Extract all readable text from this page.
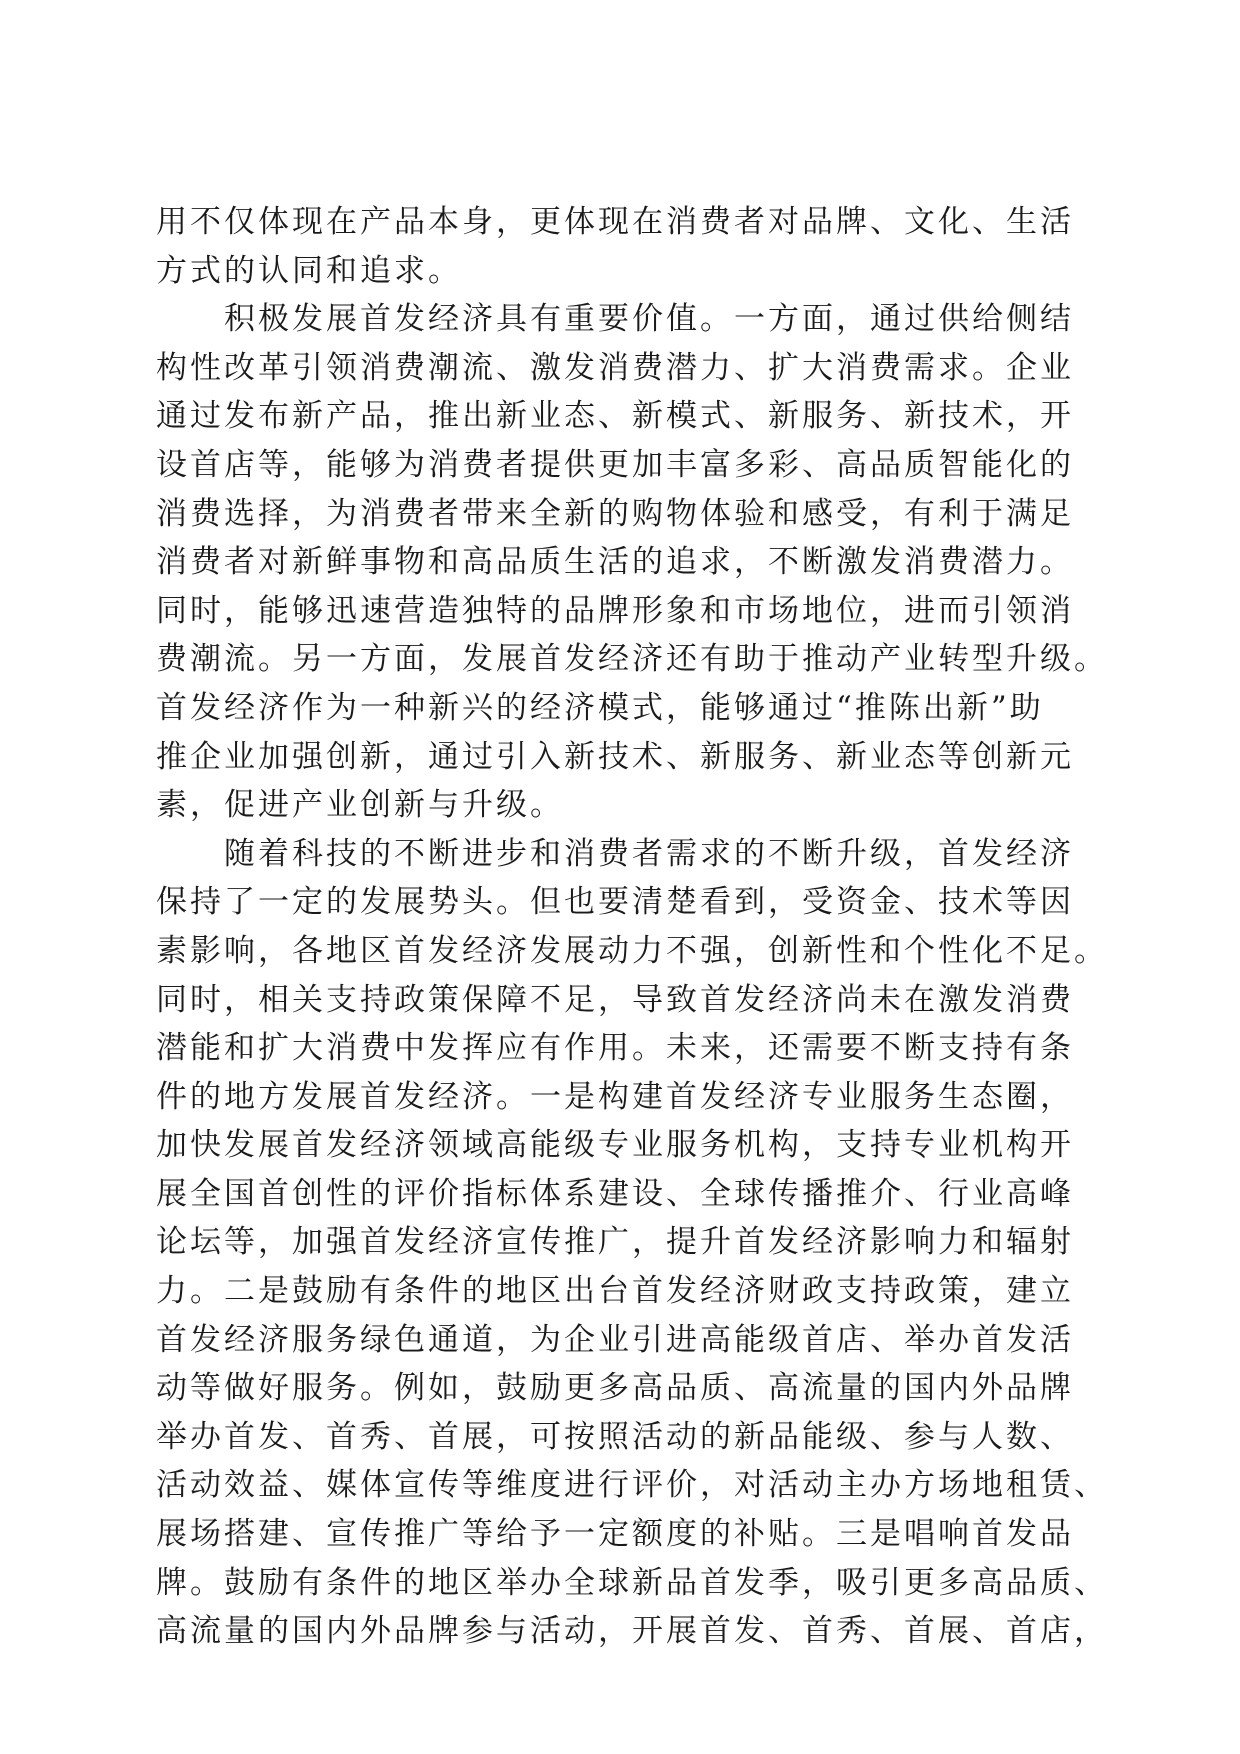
用不仅体现在产品本身，更体现在消费者对品牌、文化、生活
方式的认同和追求。
积极发展首发经济具有重要价值。一方面，通过供给侧结
构性改革引领消费潮流、激发消费潜力、扩大消费需求。企业
通过发布新产品，推出新业态、新模式、新服务、新技术，开
设首店等，能够为消费者提供更加丰富多彩、高品质智能化的
消费选择，为消费者带来全新的购物体验和感受，有利于满足
消费者对新鲜事物和高品质生活的追求，不断激发消费潜力。
同时，能够迅速营造独特的品牌形象和市场地位，进而引领消
费潮流。另一方面，发展首发经济还有助于推动产业转型升级。
首发经济作为一种新兴的经济模式，能够通过“推陈出新”助
推企业加强创新，通过引入新技术、新服务、新业态等创新元
素，促进产业创新与升级。
随着科技的不断进步和消费者需求的不断升级，首发经济
保持了一定的发展势头。但也要清楚看到，受资金、技术等因
素影响，各地区首发经济发展动力不强，创新性和个性化不足。
同时，相关支持政策保障不足，导致首发经济尚未在激发消费
潜能和扩大消费中发挥应有作用。未来，还需要不断支持有条
件的地方发展首发经济。一是构建首发经济专业服务生态圈，
加快发展首发经济领域高能级专业服务机构，支持专业机构开
展全国首创性的评价指标体系建设、全球传播推介、行业高峰
论坛等，加强首发经济宣传推广，提升首发经济影响力和辐射
力。二是鼓励有条件的地区出台首发经济财政支持政策，建立
首发经济服务绿色通道，为企业引进高能级首店、举办首发活
动等做好服务。例如，鼓励更多高品质、高流量的国内外品牌
举办首发、首秀、首展，可按照活动的新品能级、参与人数、
活动效益、媒体宣传等维度进行评价，对活动主办方场地租赁、
展场搭建、宣传推广等给予一定额度的补贴。三是唱响首发品
牌。鼓励有条件的地区举办全球新品首发季，吸引更多高品质、
高流量的国内外品牌参与活动，开展首发、首秀、首展、首店，
